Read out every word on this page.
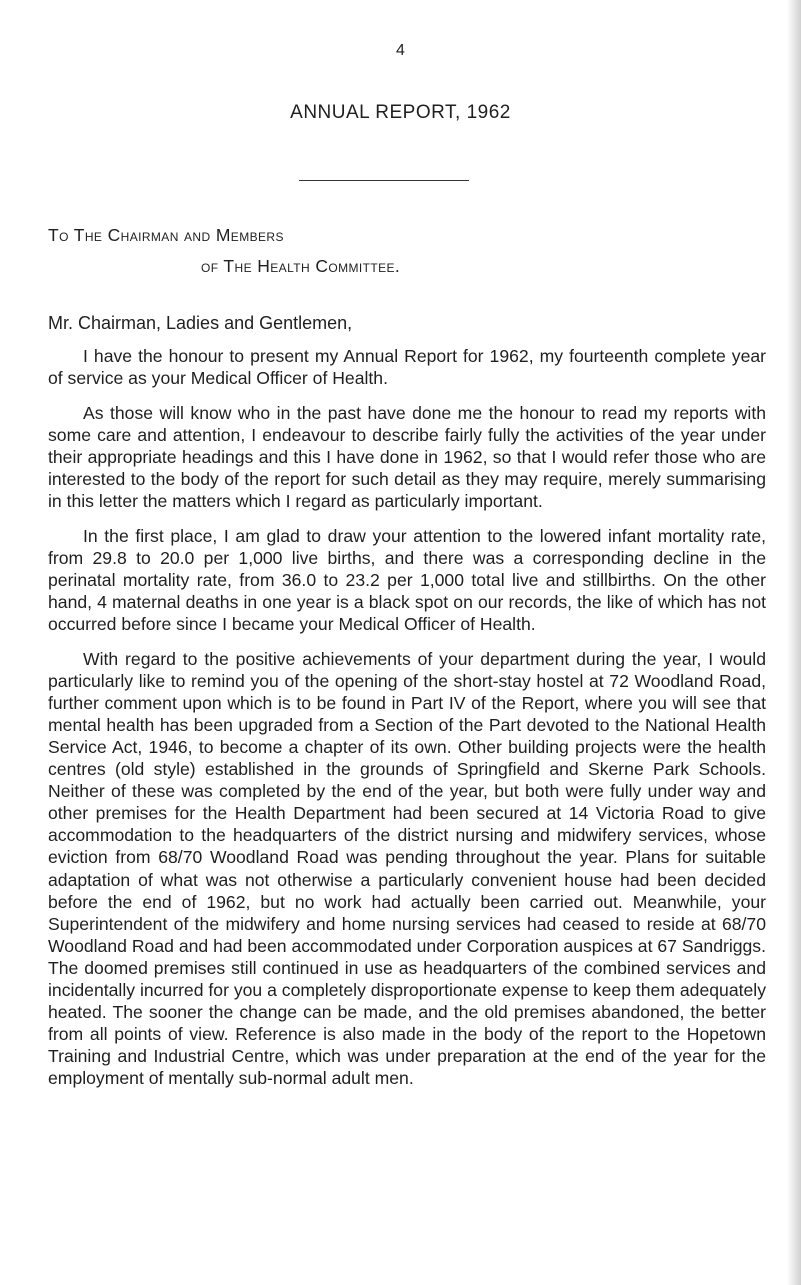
4
ANNUAL REPORT, 1962
To The Chairman and Members
of The Health Committee.
Mr. Chairman, Ladies and Gentlemen,

I have the honour to present my Annual Report for 1962, my fourteenth complete year of service as your Medical Officer of Health.

As those will know who in the past have done me the honour to read my reports with some care and attention, I endeavour to describe fairly fully the activities of the year under their appropriate headings and this I have done in 1962, so that I would refer those who are interested to the body of the report for such detail as they may require, merely summarising in this letter the matters which I regard as particularly important.

In the first place, I am glad to draw your attention to the lowered infant mortality rate, from 29.8 to 20.0 per 1,000 live births, and there was a corresponding decline in the perinatal mortality rate, from 36.0 to 23.2 per 1,000 total live and stillbirths. On the other hand, 4 maternal deaths in one year is a black spot on our records, the like of which has not occurred before since I became your Medical Officer of Health.

With regard to the positive achievements of your department during the year, I would particularly like to remind you of the opening of the short-stay hostel at 72 Woodland Road, further comment upon which is to be found in Part IV of the Report, where you will see that mental health has been upgraded from a Section of the Part devoted to the National Health Service Act, 1946, to become a chapter of its own. Other building projects were the health centres (old style) established in the grounds of Springfield and Skerne Park Schools. Neither of these was completed by the end of the year, but both were fully under way and other premises for the Health Department had been secured at 14 Victoria Road to give accommodation to the headquarters of the district nursing and midwifery services, whose eviction from 68/70 Woodland Road was pending throughout the year. Plans for suitable adaptation of what was not otherwise a particularly convenient house had been decided before the end of 1962, but no work had actually been carried out. Meanwhile, your Superintendent of the midwifery and home nursing services had ceased to reside at 68/70 Woodland Road and had been accommodated under Corporation auspices at 67 Sandriggs. The doomed premises still continued in use as headquarters of the combined services and incidentally incurred for you a completely disproportionate expense to keep them adequately heated. The sooner the change can be made, and the old premises abandoned, the better from all points of view. Reference is also made in the body of the report to the Hopetown Training and Industrial Centre, which was under preparation at the end of the year for the employment of mentally sub-normal adult men.
